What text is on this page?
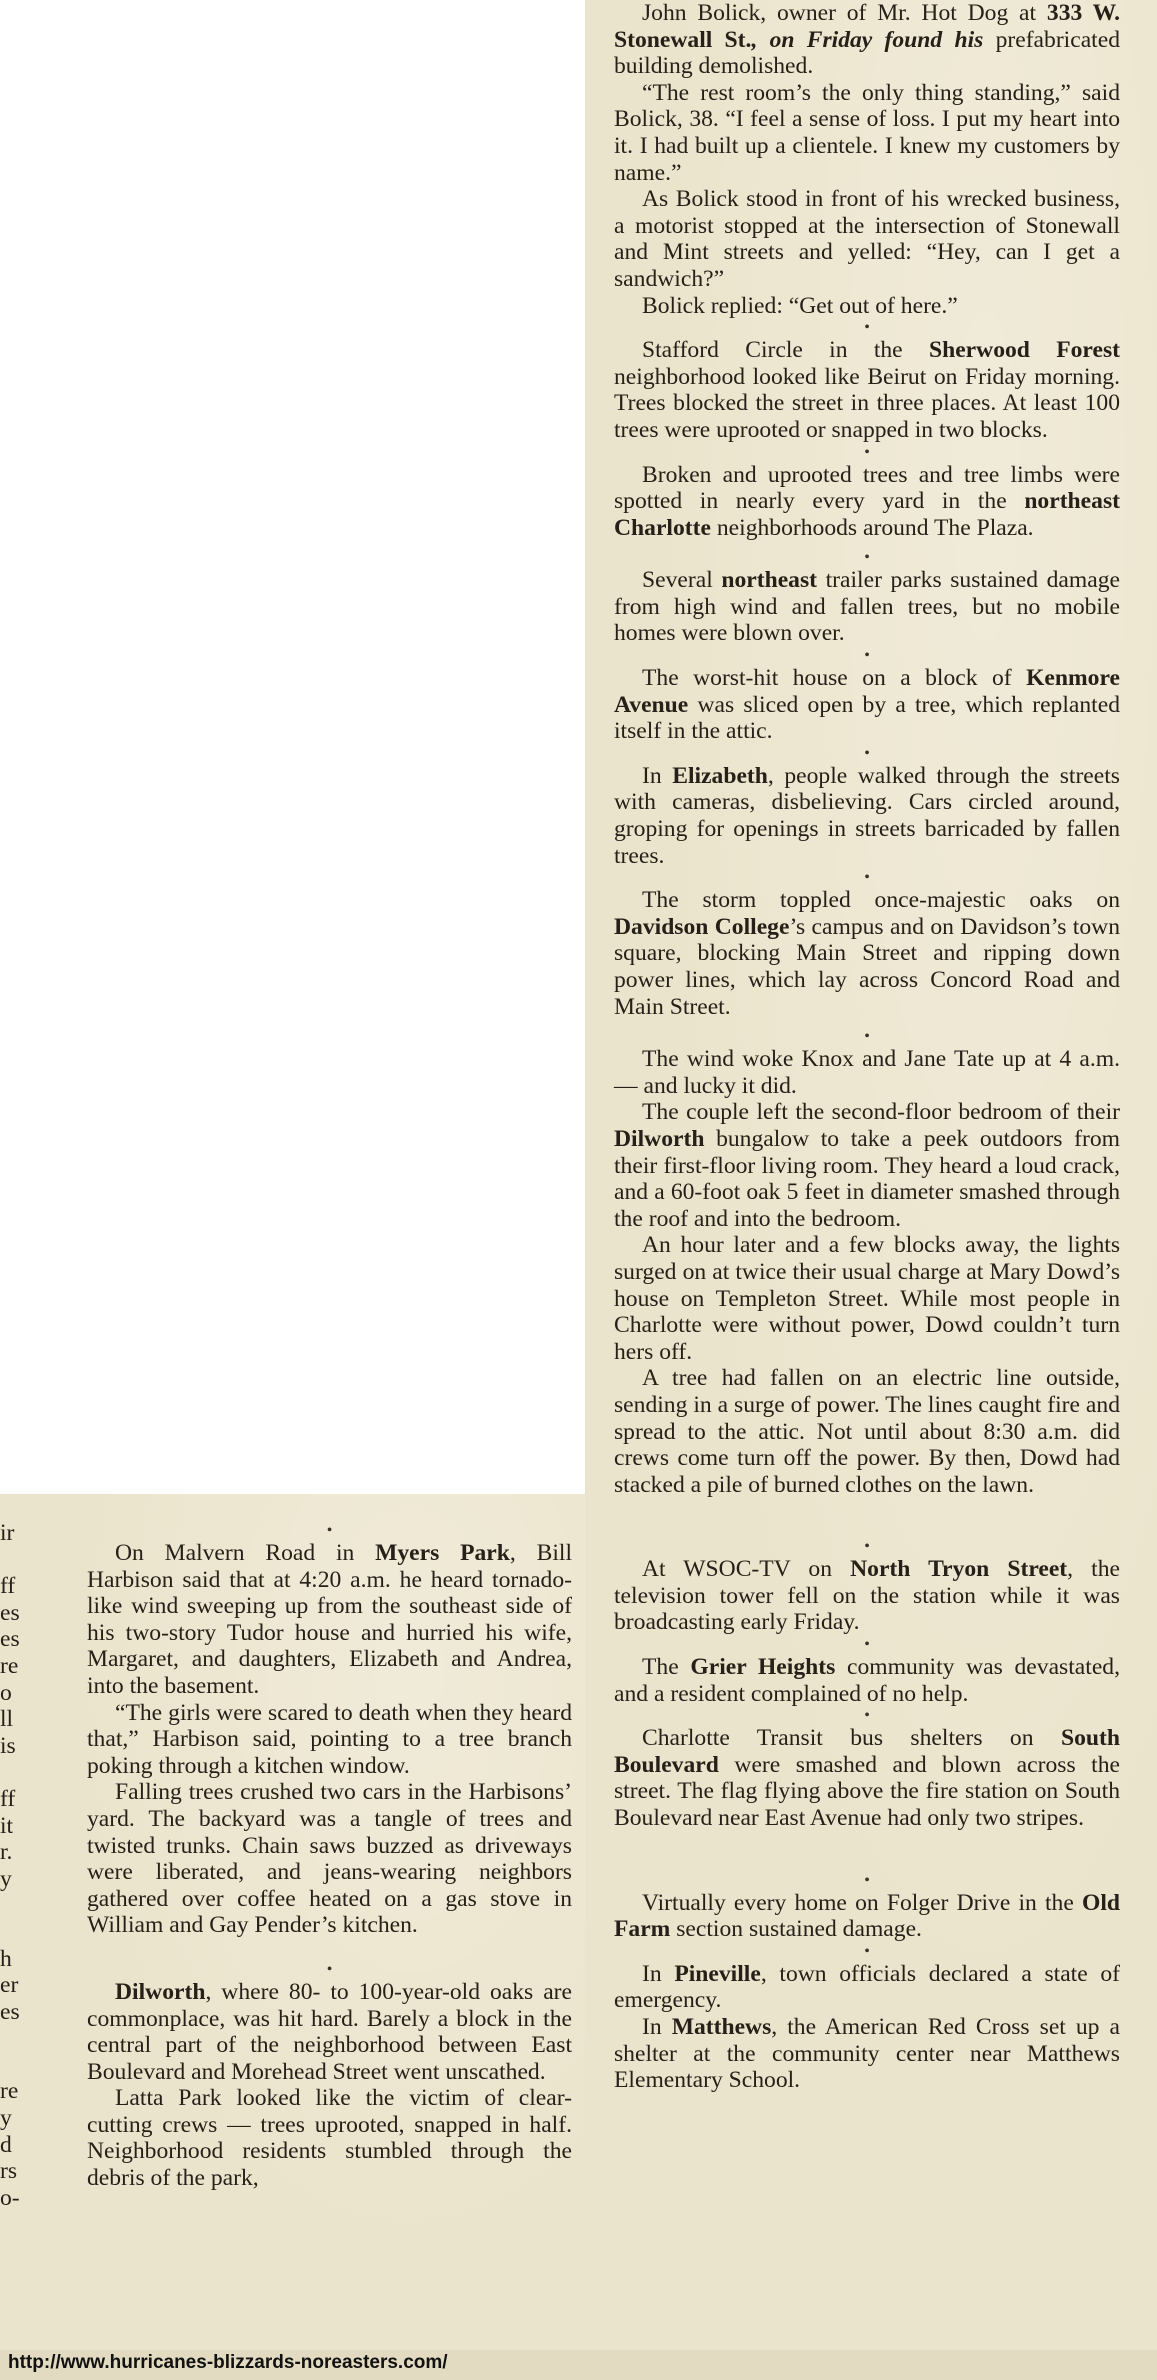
ir
ff
es
es
re
o
ll
is
ff
it
r.
y
h
er
es
re
y
d
rs
o-

John Bolick, owner of Mr. Hot Dog at 333 W. Stonewall St., on Friday found his prefabricated building demolished.

“The rest room’s the only thing standing,” said Bolick, 38. “I feel a sense of loss. I put my heart into it. I had built up a clientele. I knew my customers by name.”

As Bolick stood in front of his wrecked business, a motorist stopped at the intersection of Stonewall and Mint streets and yelled: “Hey, can I get a sandwich?”

Bolick replied: “Get out of here.”

•

Stafford Circle in the Sherwood Forest neighborhood looked like Beirut on Friday morning. Trees blocked the street in three places. At least 100 trees were uprooted or snapped in two blocks.

•

Broken and uprooted trees and tree limbs were spotted in nearly every yard in the northeast Charlotte neighborhoods around The Plaza.

•

Several northeast trailer parks sustained damage from high wind and fallen trees, but no mobile homes were blown over.

•

The worst-hit house on a block of Kenmore Avenue was sliced open by a tree, which replanted itself in the attic.

•

In Elizabeth, people walked through the streets with cameras, disbelieving. Cars circled around, groping for openings in streets barricaded by fallen trees.

•

The storm toppled once-majestic oaks on Davidson College’s campus and on Davidson’s town square, blocking Main Street and ripping down power lines, which lay across Concord Road and Main Street.

•

The wind woke Knox and Jane Tate up at 4 a.m. — and lucky it did.

The couple left the second-floor bedroom of their Dilworth bungalow to take a peek outdoors from their first-floor living room. They heard a loud crack, and a 60-foot oak 5 feet in diameter smashed through the roof and into the bedroom.

An hour later and a few blocks away, the lights surged on at twice their usual charge at Mary Dowd’s house on Templeton Street. While most people in Charlotte were without power, Dowd couldn’t turn hers off.

A tree had fallen on an electric line outside, sending in a surge of power. The lines caught fire and spread to the attic. Not until about 8:30 a.m. did crews come turn off the power. By then, Dowd had stacked a pile of burned clothes on the lawn.

•

At WSOC-TV on North Tryon Street, the television tower fell on the station while it was broadcasting early Friday.

•

The Grier Heights community was devastated, and a resident complained of no help.

•

Charlotte Transit bus shelters on South Boulevard were smashed and blown across the street. The flag flying above the fire station on South Boulevard near East Avenue had only two stripes.

•

Virtually every home on Folger Drive in the Old Farm section sustained damage.

•

In Pineville, town officials declared a state of emergency.

In Matthews, the American Red Cross set up a shelter at the community center near Matthews Elementary School.

•

On Malvern Road in Myers Park, Bill Harbison said that at 4:20 a.m. he heard tornado-like wind sweeping up from the southeast side of his two-story Tudor house and hurried his wife, Margaret, and daughters, Elizabeth and Andrea, into the basement.

“The girls were scared to death when they heard that,” Harbison said, pointing to a tree branch poking through a kitchen window.

Falling trees crushed two cars in the Harbisons’ yard. The backyard was a tangle of trees and twisted trunks. Chain saws buzzed as driveways were liberated, and jeans-wearing neighbors gathered over coffee heated on a gas stove in William and Gay Pender’s kitchen.

•

Dilworth, where 80- to 100-year-old oaks are commonplace, was hit hard. Barely a block in the central part of the neighborhood between East Boulevard and Morehead Street went unscathed.

Latta Park looked like the victim of clear-cutting crews — trees uprooted, snapped in half. Neighborhood residents stumbled through the debris of the park,

http://www.hurricanes-blizzards-noreasters.com/
